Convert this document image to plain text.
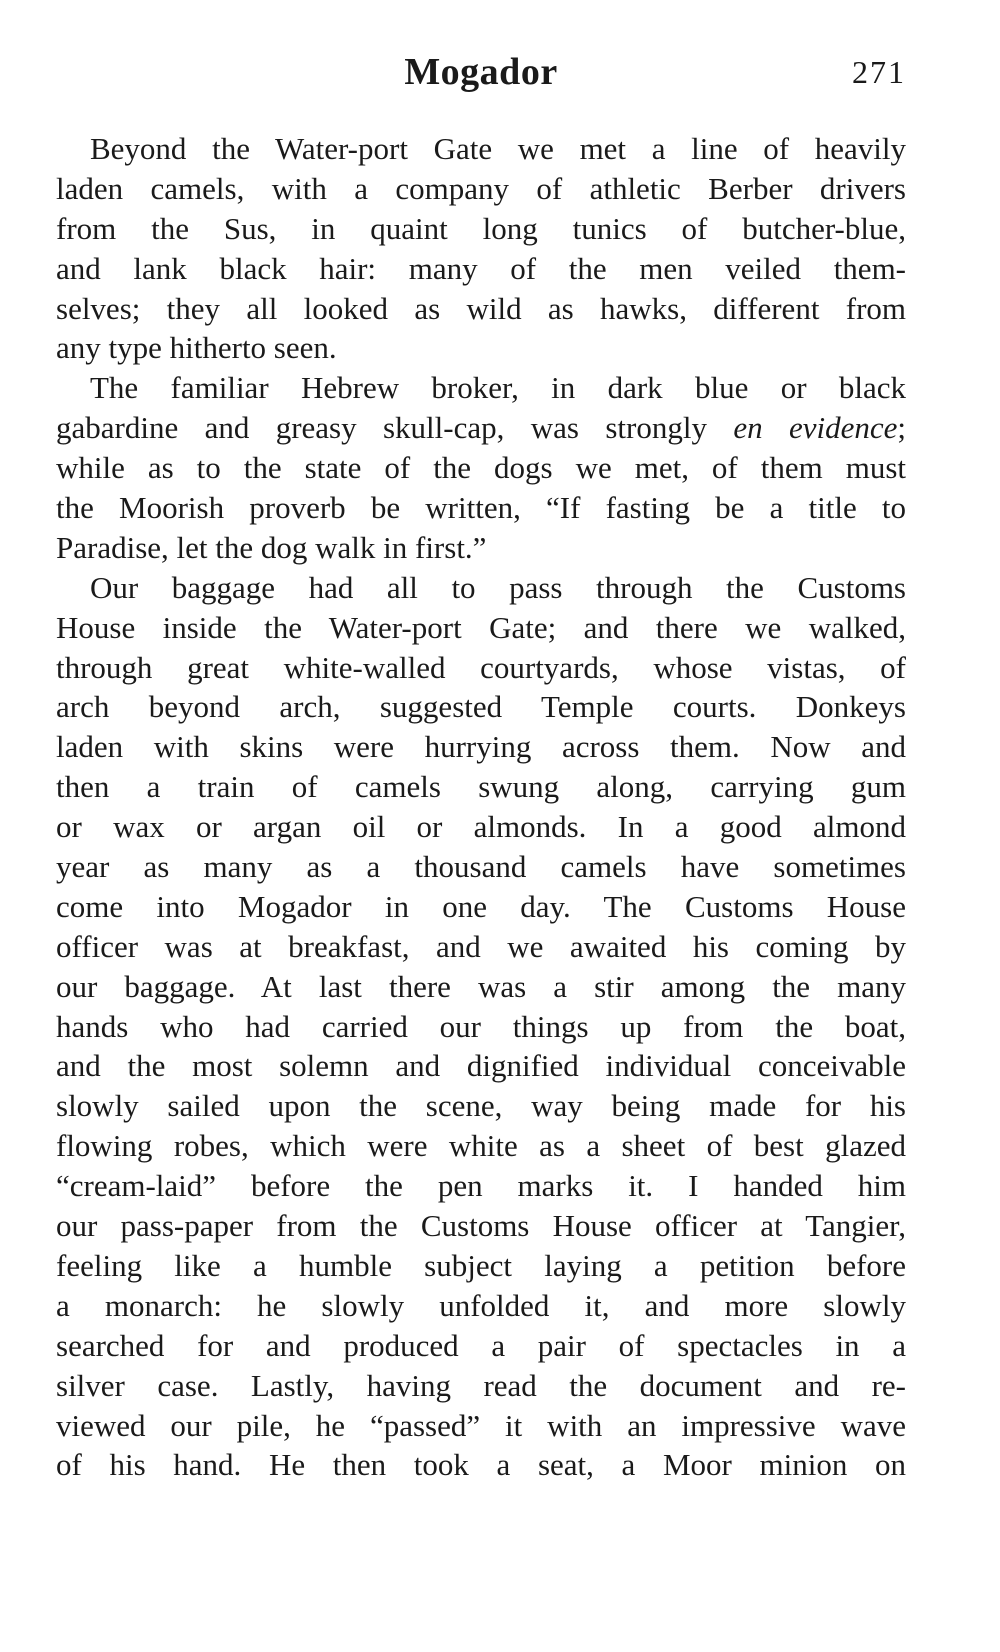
Mogador	271
Beyond the Water-port Gate we met a line of heavily
laden camels, with a company of athletic Berber drivers
from the Sus, in quaint long tunics of butcher-blue,
and lank black hair: many of the men veiled them-
selves; they all looked as wild as hawks, different from
any type hitherto seen.
The familiar Hebrew broker, in dark blue or black
gabardine and greasy skull-cap, was strongly en evidence;
while as to the state of the dogs we met, of them must
the Moorish proverb be written, “If fasting be a title to
Paradise, let the dog walk in first.”
Our baggage had all to pass through the Customs
House inside the Water-port Gate; and there we walked,
through great white-walled courtyards, whose vistas, of
arch beyond arch, suggested Temple courts. Donkeys
laden with skins were hurrying across them. Now and
then a train of camels swung along, carrying gum
or wax or argan oil or almonds. In a good almond
year as many as a thousand camels have sometimes
come into Mogador in one day. The Customs House
officer was at breakfast, and we awaited his coming by
our baggage. At last there was a stir among the many
hands who had carried our things up from the boat,
and the most solemn and dignified individual conceivable
slowly sailed upon the scene, way being made for his
flowing robes, which were white as a sheet of best glazed
“cream-laid” before the pen marks it. I handed him
our pass-paper from the Customs House officer at Tangier,
feeling like a humble subject laying a petition before
a monarch: he slowly unfolded it, and more slowly
searched for and produced a pair of spectacles in a
silver case. Lastly, having read the document and re-
viewed our pile, he “passed” it with an impressive wave
of his hand. He then took a seat, a Moor minion on
